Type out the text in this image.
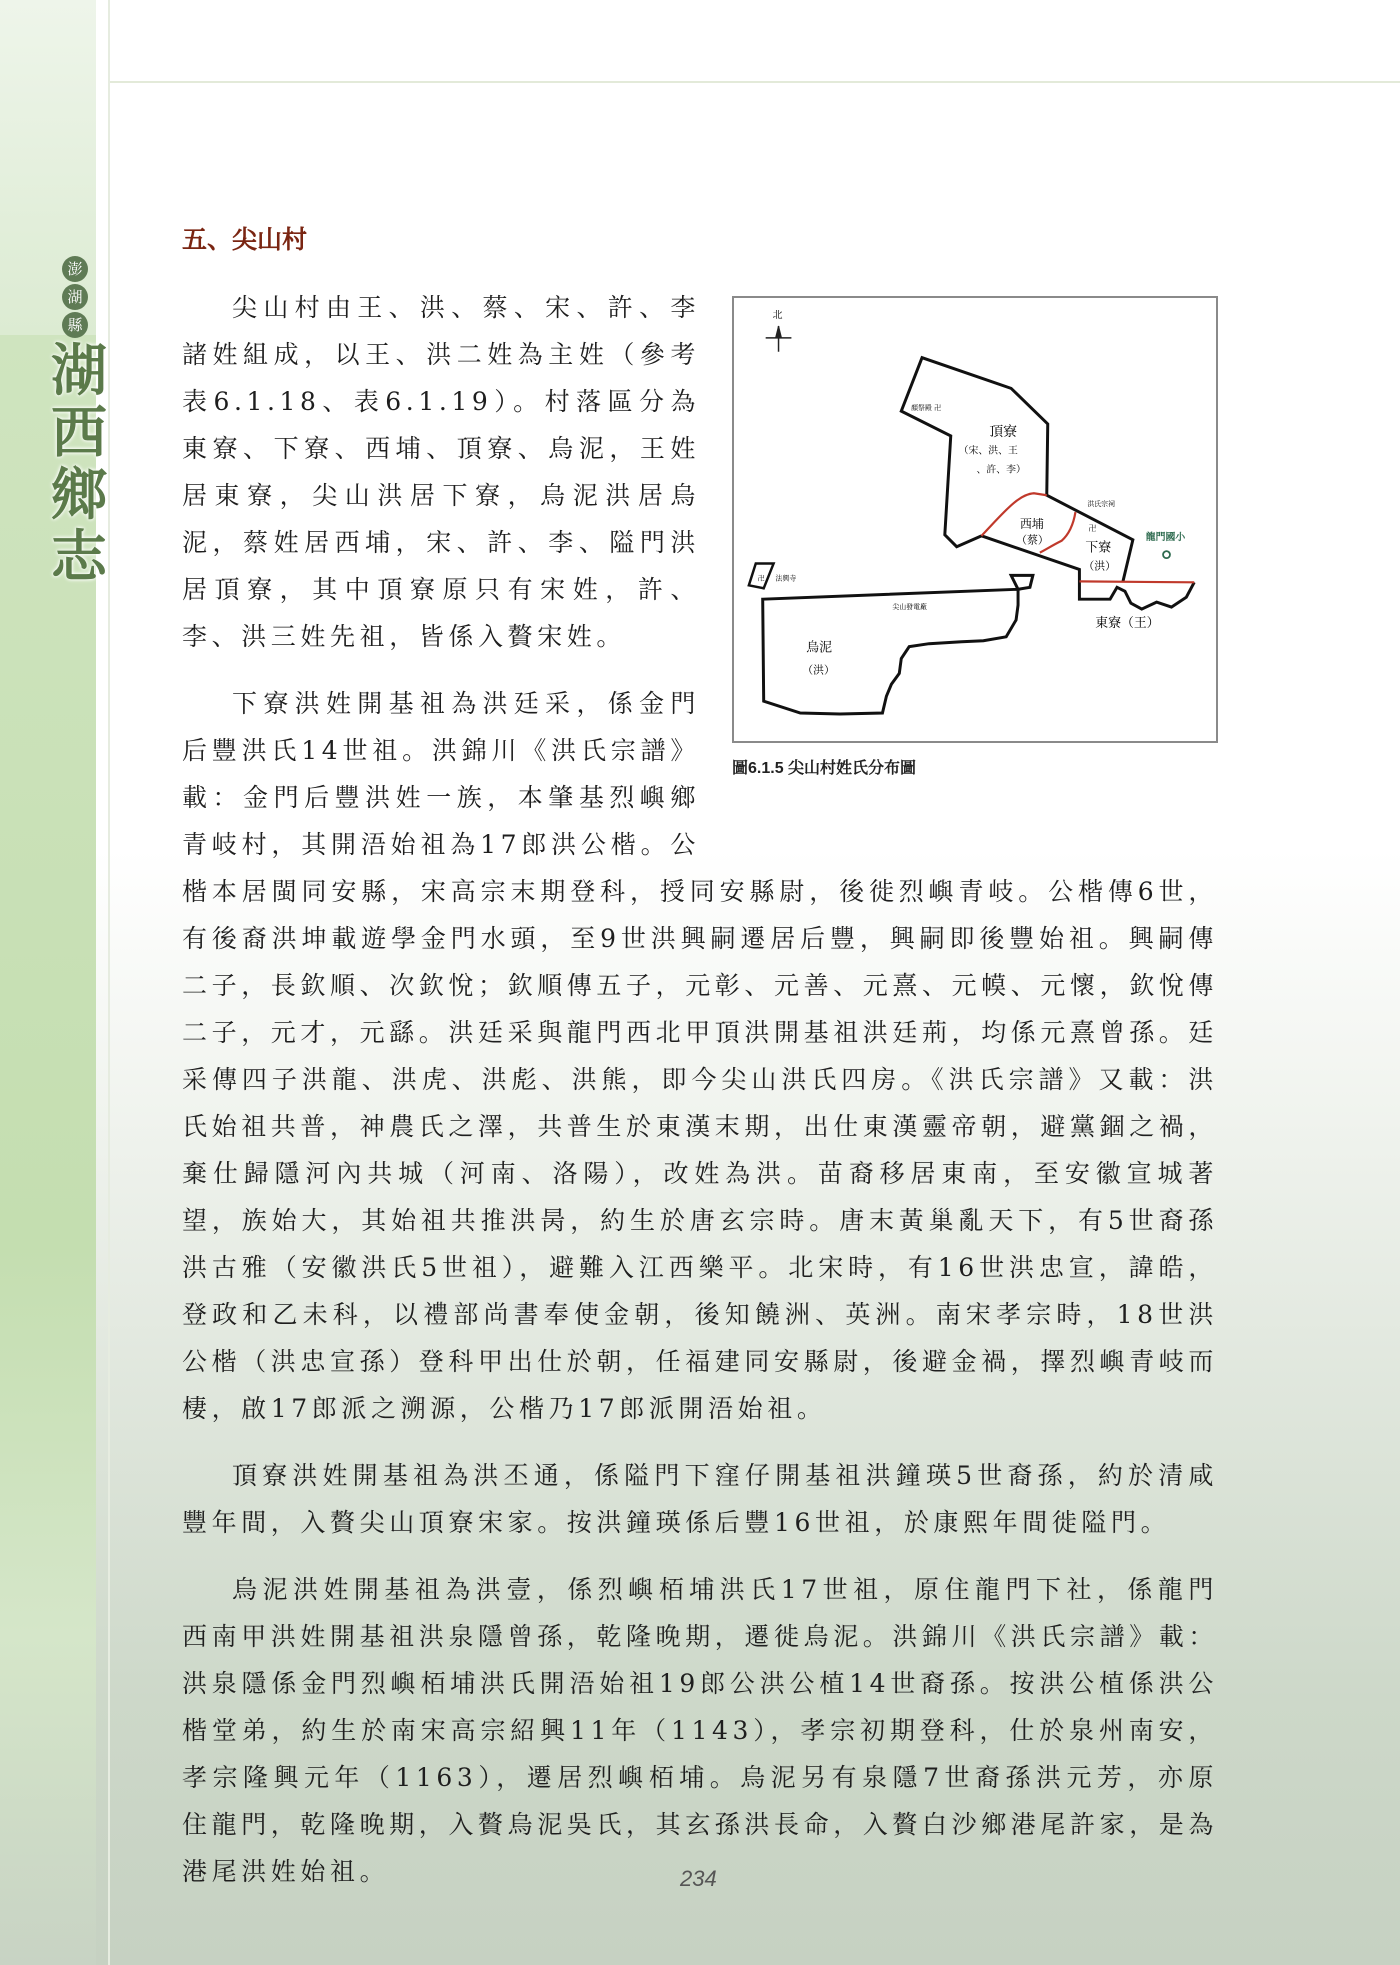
澎
湖
縣
湖
西
鄉
志
五、尖山村
北
顏祭殿 卍
頂寮
（宋、洪、王
、許、李）
洪氏宗祠
西埔
（蔡）
卍
下寮
（洪）
龍門國小
卍 法興寺
尖山發電廠
烏泥
（洪）
東寮（王）
圖6.1.5 尖山村姓氏分布圖

尖山村由王、洪、蔡、宋、許、李諸姓組成，以王、洪二姓為主姓（參考表6.1.18、表6.1.19）。村落區分為東寮、下寮、西埔、頂寮、烏泥，王姓居東寮，尖山洪居下寮，烏泥洪居烏泥，蔡姓居西埔，宋、許、李、隘門洪居頂寮，其中頂寮原只有宋姓，許、李、洪三姓先祖，皆係入贅宋姓。

下寮洪姓開基祖為洪廷采，係金門后豐洪氏14世祖。洪錦川《洪氏宗譜》載：金門后豐洪姓一族，本肇基烈嶼鄉青岐村，其開浯始祖為17郎洪公楷。公楷本居閩同安縣，宋高宗末期登科，授同安縣尉，後徙烈嶼青岐。公楷傳6世，有後裔洪坤載遊學金門水頭，至9世洪興嗣遷居后豐，興嗣即後豐始祖。興嗣傳二子，長欽順、次欽悅；欽順傳五子，元彰、元善、元熹、元幙、元懷，欽悅傳二子，元才，元繇。洪廷采與龍門西北甲頂洪開基祖洪廷荊，均係元熹曾孫。廷采傳四子洪龍、洪虎、洪彪、洪熊，即今尖山洪氏四房。《洪氏宗譜》又載：洪氏始祖共普，神農氏之澤，共普生於東漢末期，出仕東漢靈帝朝，避黨錮之禍，棄仕歸隱河內共城（河南、洛陽），改姓為洪。苗裔移居東南，至安徽宣城著望，族始大，其始祖共推洪昺，約生於唐玄宗時。唐末黃巢亂天下，有5世裔孫洪古雅（安徽洪氏5世祖），避難入江西樂平。北宋時，有16世洪忠宣，諱皓，登政和乙未科，以禮部尚書奉使金朝，後知饒洲、英洲。南宋孝宗時，18世洪公楷（洪忠宣孫）登科甲出仕於朝，任福建同安縣尉，後避金禍，擇烈嶼青岐而棲，啟17郎派之溯源，公楷乃17郎派開浯始祖。

頂寮洪姓開基祖為洪丕通，係隘門下窪仔開基祖洪鐘瑛5世裔孫，約於清咸豐年間，入贅尖山頂寮宋家。按洪鐘瑛係后豐16世祖，於康熙年間徙隘門。

烏泥洪姓開基祖為洪壹，係烈嶼栢埔洪氏17世祖，原住龍門下社，係龍門西南甲洪姓開基祖洪泉隱曾孫，乾隆晚期，遷徙烏泥。洪錦川《洪氏宗譜》載：洪泉隱係金門烈嶼栢埔洪氏開浯始祖19郎公洪公植14世裔孫。按洪公植係洪公楷堂弟，約生於南宋高宗紹興11年（1143），孝宗初期登科，仕於泉州南安，孝宗隆興元年（1163），遷居烈嶼栢埔。烏泥另有泉隱7世裔孫洪元芳，亦原住龍門，乾隆晚期，入贅烏泥吳氏，其玄孫洪長命，入贅白沙鄉港尾許家，是為港尾洪姓始祖。	234
